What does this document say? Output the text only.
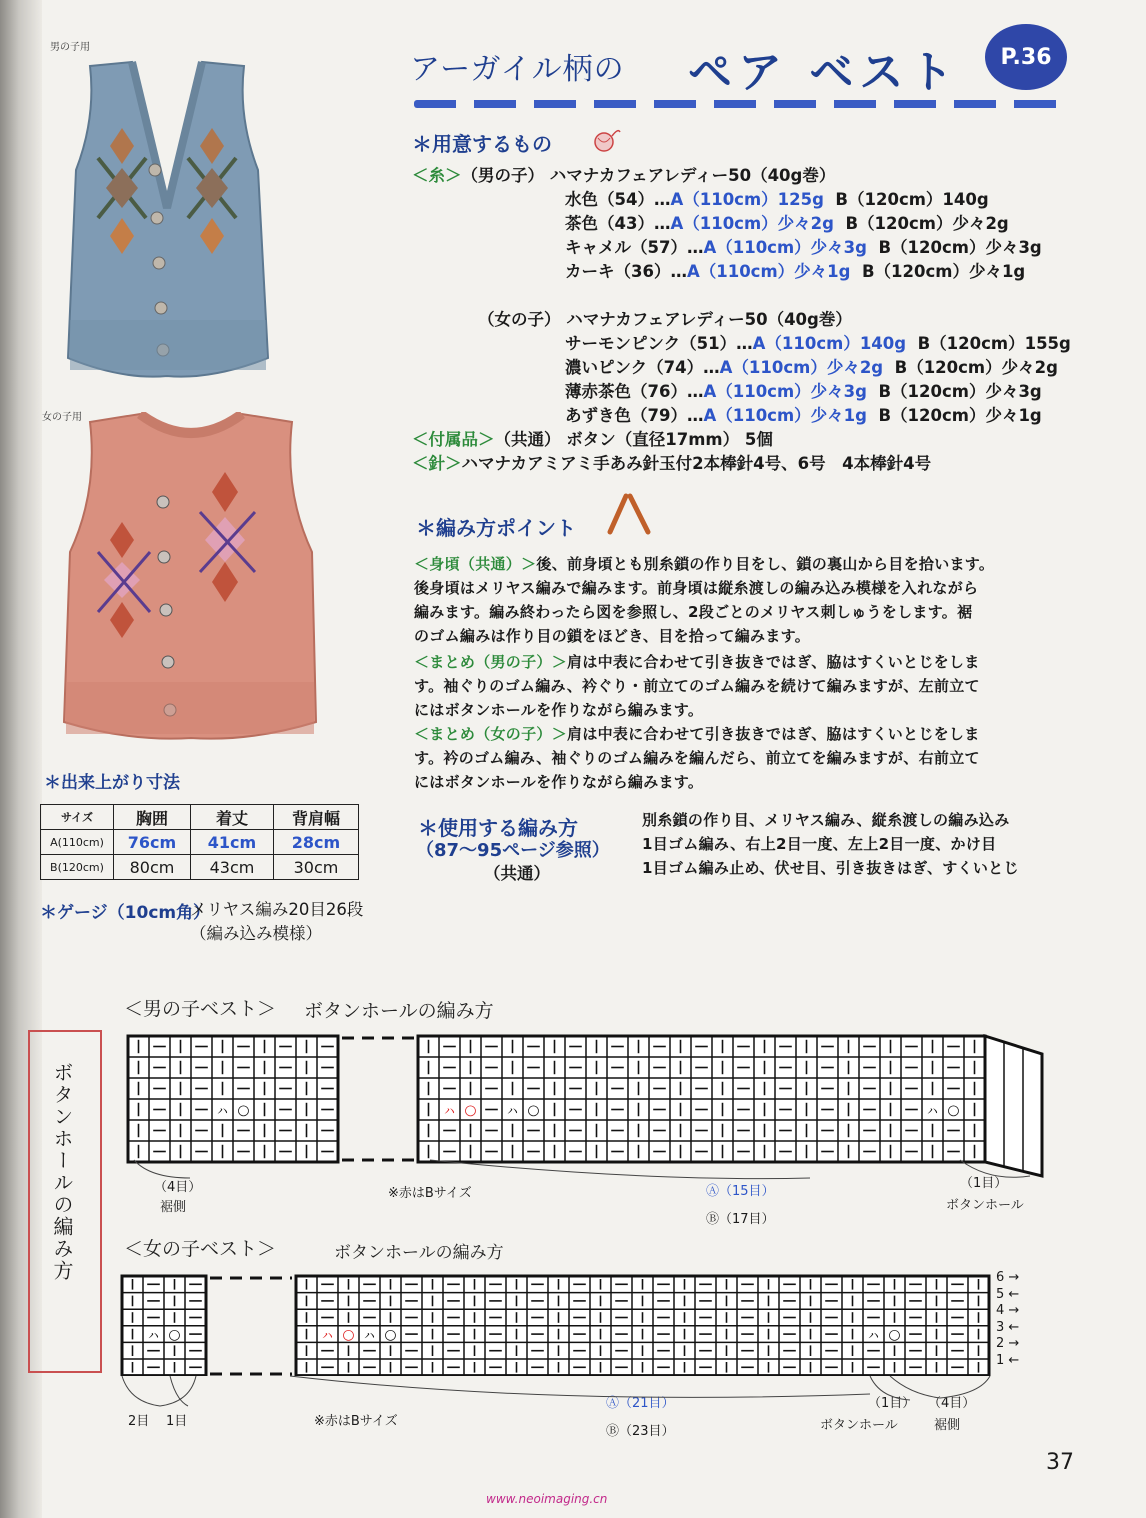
アーガイル柄の ペア ベスト	P.36
男の子用
女の子用
＊用意するもの
＜糸＞（男の子） ハマナカフェアレディー50（40g巻）
水色（54）…A（110cm）125g B（120cm）140g
茶色（43）…A（110cm）少々2g B（120cm）少々2g
キャメル（57）…A（110cm）少々3g B（120cm）少々3g
カーキ（36）…A（110cm）少々1g B（120cm）少々1g
（女の子） ハマナカフェアレディー50（40g巻）
サーモンピンク（51）…A（110cm）140g B（120cm）155g
濃いピンク（74）…A（110cm）少々2g B（120cm）少々2g
薄赤茶色（76）…A（110cm）少々3g B（120cm）少々3g
あずき色（79）…A（110cm）少々1g B（120cm）少々1g
＜付属品＞（共通） ボタン（直径17mm） 5個
＜針＞ハマナカアミアミ手あみ針玉付2本棒針4号、6号　4本棒針4号
＊編み方ポイント
＜身頃（共通）＞後、前身頃とも別糸鎖の作り目をし、鎖の裏山から目を拾います。
後身頃はメリヤス編みで編みます。前身頃は縦糸渡しの編み込み模様を入れながら
編みます。編み終わったら図を参照し、2段ごとのメリヤス刺しゅうをします。裾
のゴム編みは作り目の鎖をほどき、目を拾って編みます。
＜まとめ（男の子）＞肩は中表に合わせて引き抜きではぎ、脇はすくいとじをしま
す。袖ぐりのゴム編み、衿ぐり・前立てのゴム編みを続けて編みますが、左前立て
にはボタンホールを作りながら編みます。
＜まとめ（女の子）＞肩は中表に合わせて引き抜きではぎ、脇はすくいとじをしま
す。衿のゴム編み、袖ぐりのゴム編みを編んだら、前立てを編みますが、右前立て
にはボタンホールを作りながら編みます。
＊使用する編み方
（87〜95ページ参照）
（共通）
別糸鎖の作り目、メリヤス編み、縦糸渡しの編み込み
1目ゴム編み、右上2目一度、左上2目一度、かけ目
1目ゴム編み止め、伏せ目、引き抜きはぎ、すくいとじ
＊出来上がり寸法
サイズ	胸囲	着丈	背肩幅
A(110cm)	76cm	41cm	28cm
B(120cm)	80cm	43cm	30cm
＊ゲージ（10cm角）
メリヤス編み20目26段
（編み込み模様）
ボタンホールの編み方
＜男の子ベスト＞ ボタンホールの編み方
ㇵ ○	ㇵ ○ ㇵ ○	ㇵ ○
（4目）
裾側
※赤はBサイズ	Ⓐ（15目）
Ⓑ（17目）
（1目）
ボタンホール
＜女の子ベスト＞	ボタンホールの編み方
ㇵ ○	ㇵ ○ ㇵ ○	ㇵ ○
6 →
5 ←
4 →
3 ←
2 →
1 ←
2目 1目	※赤はBサイズ
Ⓐ（21目）
Ⓑ（23目）
（1目）
ボタンホール
（4目）
裾側
37
www.neoimaging.cn
